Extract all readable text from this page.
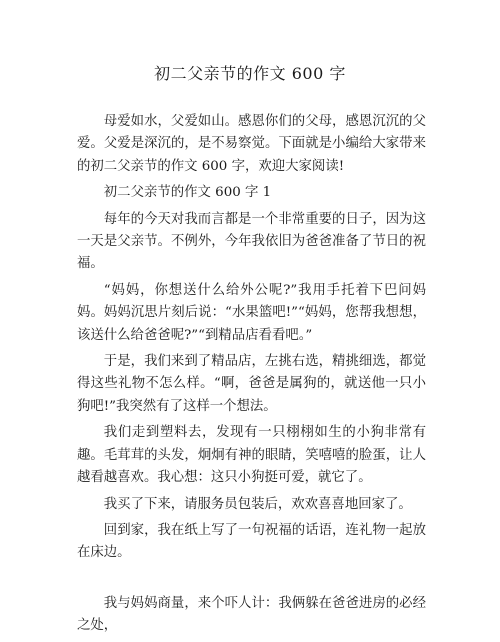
初二父亲节的作文 600 字

母爱如水，父爱如山。感恩你们的父母，感恩沉沉的父爱。父爱是深沉的，是不易察觉。下面就是小编给大家带来的初二父亲节的作文 600 字，欢迎大家阅读!

初二父亲节的作文 600 字 1

每年的今天对我而言都是一个非常重要的日子，因为这一天是父亲节。不例外，今年我依旧为爸爸准备了节日的祝福。

“妈妈，你想送什么给外公呢?”我用手托着下巴问妈妈。妈妈沉思片刻后说：“水果篮吧!”“妈妈，您帮我想想，该送什么给爸爸呢?”“到精品店看看吧。”

于是，我们来到了精品店，左挑右选，精挑细选，都觉得这些礼物不怎么样。“啊，爸爸是属狗的，就送他一只小狗吧!”我突然有了这样一个想法。

我们走到塑料去，发现有一只栩栩如生的小狗非常有趣。毛茸茸的头发，炯炯有神的眼睛，笑嘻嘻的脸蛋，让人越看越喜欢。我心想：这只小狗挺可爱，就它了。

我买了下来，请服务员包装后，欢欢喜喜地回家了。

回到家，我在纸上写了一句祝福的话语，连礼物一起放在床边。

我与妈妈商量，来个吓人计：我俩躲在爸爸进房的必经之处，
